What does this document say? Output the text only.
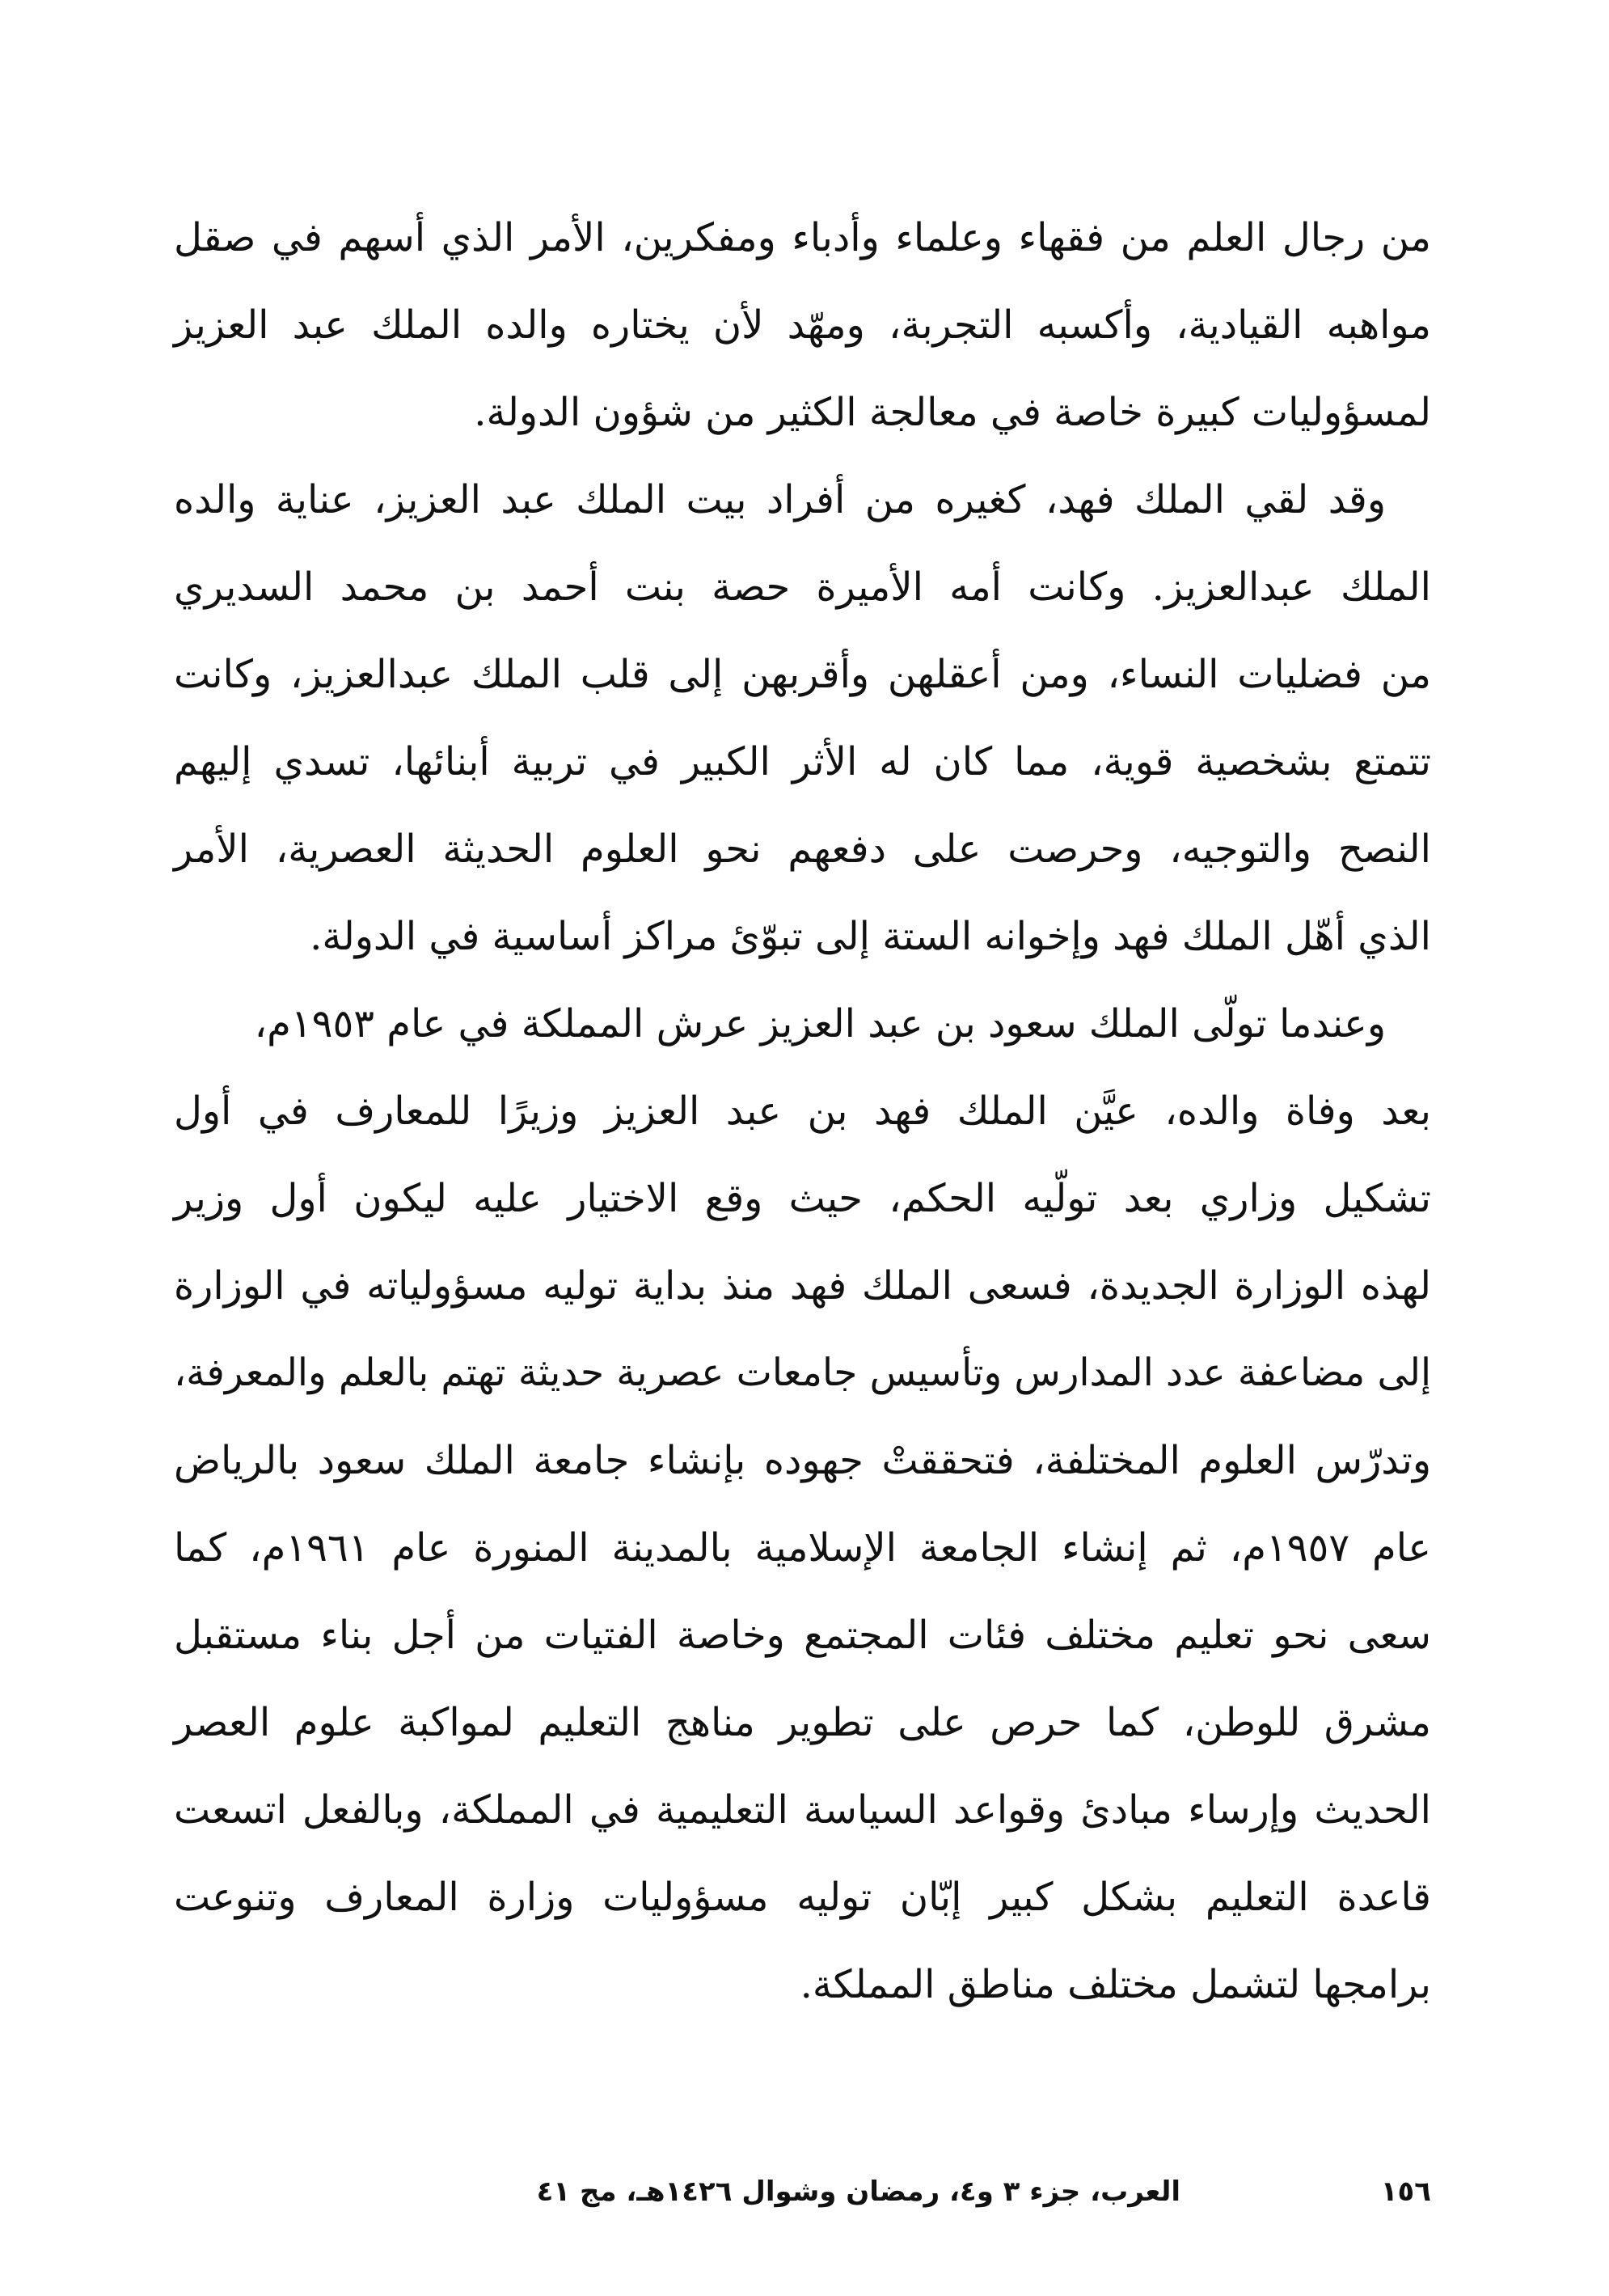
من رجال العلم من فقهاء وعلماء وأدباء ومفكرين، الأمر الذي أسهم في صقل
مواهبه القيادية، وأكسبه التجربة، ومهّد لأن يختاره والده الملك عبد العزيز
لمسؤوليات كبيرة خاصة في معالجة الكثير من شؤون الدولة.

وقد لقي الملك فهد، كغيره من أفراد بيت الملك عبد العزيز، عناية والده
الملك عبدالعزيز. وكانت أمه الأميرة حصة بنت أحمد بن محمد السديري
من فضليات النساء، ومن أعقلهن وأقربهن إلى قلب الملك عبدالعزيز، وكانت
تتمتع بشخصية قوية، مما كان له الأثر الكبير في تربية أبنائها، تسدي إليهم
النصح والتوجيه، وحرصت على دفعهم نحو العلوم الحديثة العصرية، الأمر
الذي أهّل الملك فهد وإخوانه الستة إلى تبوّئ مراكز أساسية في الدولة.

وعندما تولّى الملك سعود بن عبد العزيز عرش المملكة في عام ١٩٥٣م،
بعد وفاة والده، عيَّن الملك فهد بن عبد العزيز وزيرًا للمعارف في أول
تشكيل وزاري بعد تولّيه الحكم، حيث وقع الاختيار عليه ليكون أول وزير
لهذه الوزارة الجديدة، فسعى الملك فهد منذ بداية توليه مسؤولياته في الوزارة
إلى مضاعفة عدد المدارس وتأسيس جامعات عصرية حديثة تهتم بالعلم والمعرفة،
وتدرّس العلوم المختلفة، فتحققتْ جهوده بإنشاء جامعة الملك سعود بالرياض
عام ١٩٥٧م، ثم إنشاء الجامعة الإسلامية بالمدينة المنورة عام ١٩٦١م، كما
سعى نحو تعليم مختلف فئات المجتمع وخاصة الفتيات من أجل بناء مستقبل
مشرق للوطن، كما حرص على تطوير مناهج التعليم لمواكبة علوم العصر
الحديث وإرساء مبادئ وقواعد السياسة التعليمية في المملكة، وبالفعل اتسعت
قاعدة التعليم بشكل كبير إبّان توليه مسؤوليات وزارة المعارف وتنوعت
برامجها لتشمل مختلف مناطق المملكة.

١٥٦
العرب، جزء ٣ و٤، رمضان وشوال ١٤٢٦هـ، مج ٤١
